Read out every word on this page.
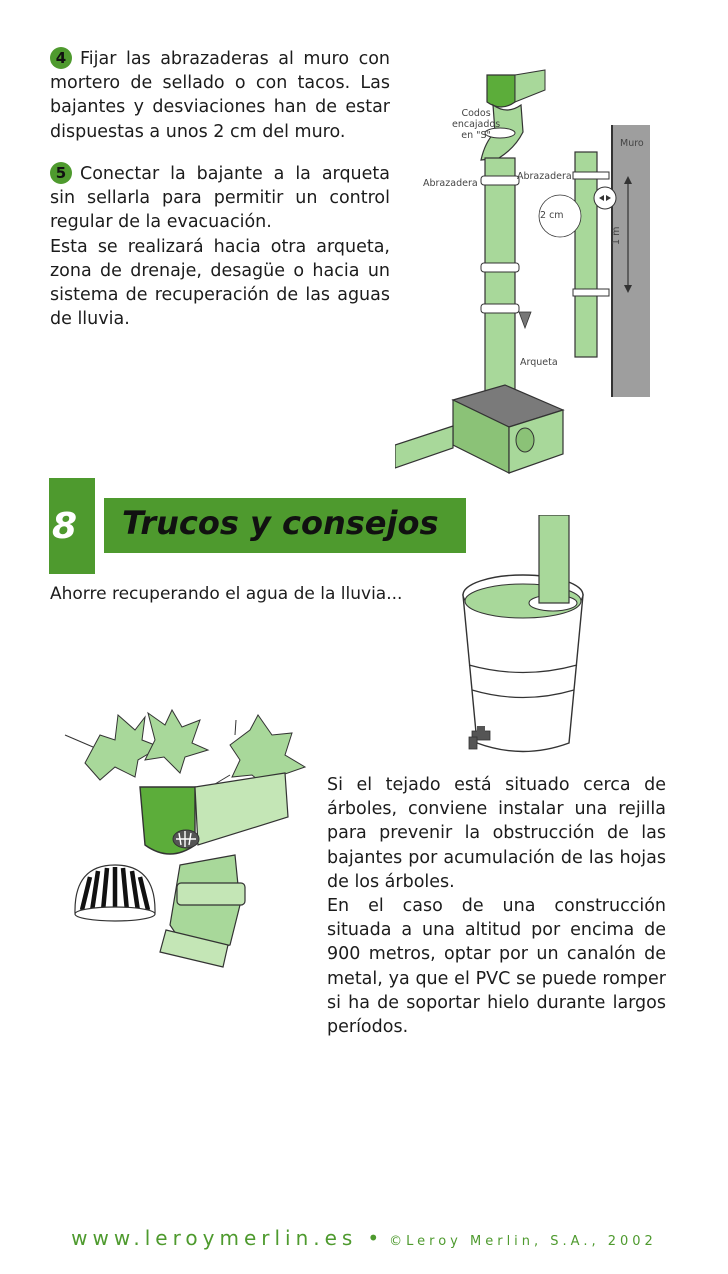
4 Fijar las abrazaderas al muro con mortero de sellado o con tacos. Las bajantes y desviaciones han de estar dispuestas a unos 2 cm del muro.

5 Conectar la bajante a la arqueta sin sellarla para permitir un control regular de la evacuación.

Esta se realizará hacia otra arqueta, zona de drenaje, desagüe o hacia un sistema de recuperación de las aguas de lluvia.

Codos
encajados
en "S"
Muro
Abrazadera
Abrazadera
2 cm
1 m
Arqueta
8 Trucos y consejos
Ahorre recuperando el agua de la lluvia...

Si el tejado está situado cerca de árboles, conviene instalar una rejilla para prevenir la obstrucción de las bajantes por acumulación de las hojas de los árboles.

En el caso de una construcción situada a una altitud por encima de 900 metros, optar por un canalón de metal, ya que el PVC se puede romper si ha de soportar hielo durante largos períodos.

www.leroymerlin.es • ©Leroy Merlin, S.A., 2002
